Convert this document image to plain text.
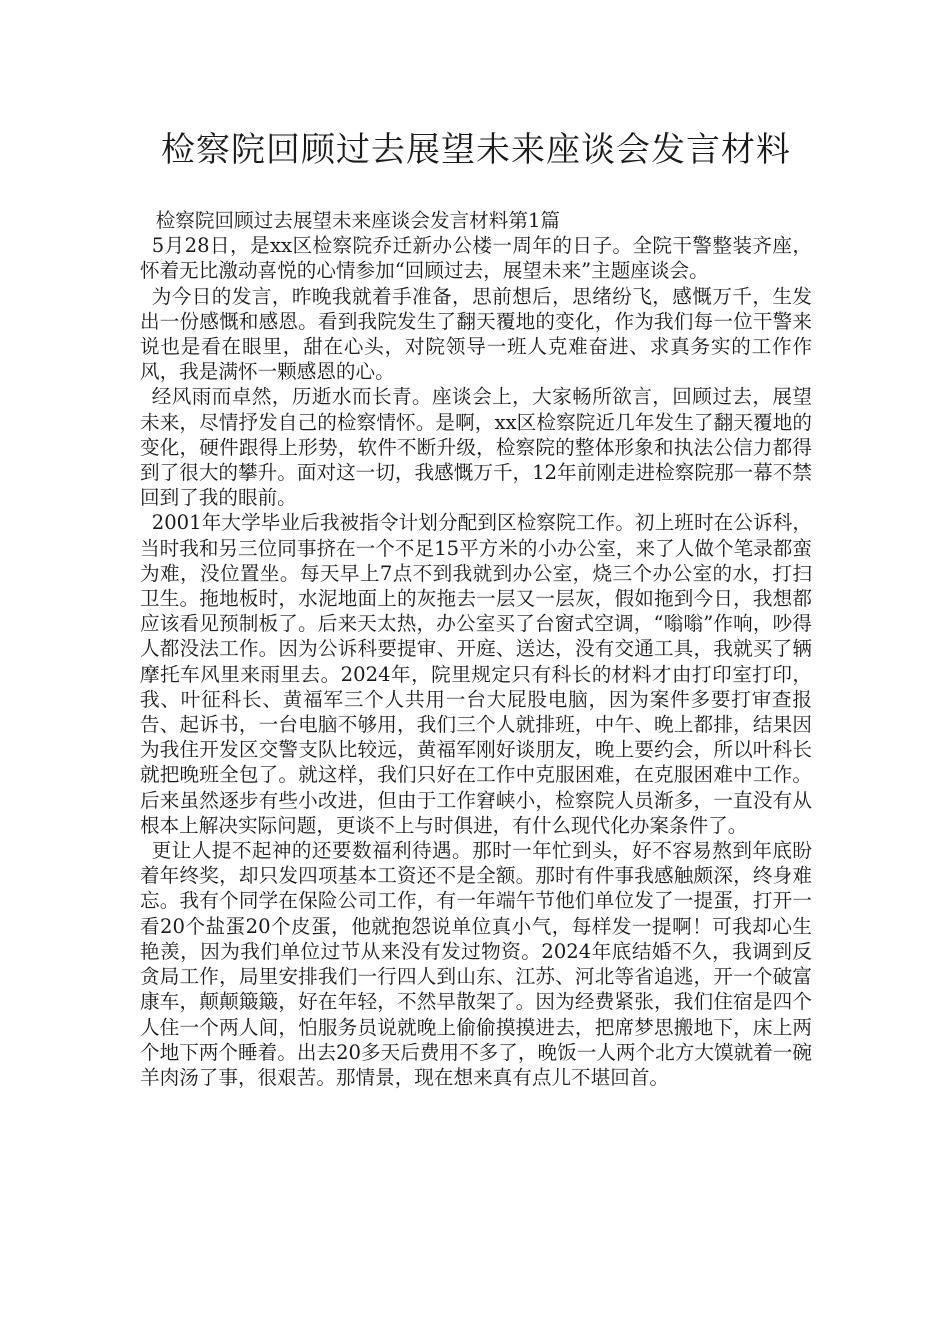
检察院回顾过去展望未来座谈会发言材料

检察院回顾过去展望未来座谈会发言材料第1篇

5月28日，是xx区检察院乔迁新办公楼一周年的日子。全院干警整装齐座，怀着无比激动喜悦的心情参加“回顾过去，展望未来”主题座谈会。

为今日的发言，昨晚我就着手准备，思前想后，思绪纷飞，感慨万千，生发出一份感慨和感恩。看到我院发生了翻天覆地的变化，作为我们每一位干警来说也是看在眼里，甜在心头，对院领导一班人克难奋进、求真务实的工作作风，我是满怀一颗感恩的心。

经风雨而卓然，历逝水而长青。座谈会上，大家畅所欲言，回顾过去，展望未来，尽情抒发自己的检察情怀。是啊，xx区检察院近几年发生了翻天覆地的变化，硬件跟得上形势，软件不断升级，检察院的整体形象和执法公信力都得到了很大的攀升。面对这一切，我感慨万千，12年前刚走进检察院那一幕不禁回到了我的眼前。

2001年大学毕业后我被指令计划分配到区检察院工作。初上班时在公诉科，当时我和另三位同事挤在一个不足15平方米的小办公室，来了人做个笔录都蛮为难，没位置坐。每天早上7点不到我就到办公室，烧三个办公室的水，打扫卫生。拖地板时，水泥地面上的灰拖去一层又一层灰，假如拖到今日，我想都应该看见预制板了。后来天太热，办公室买了台窗式空调，“嗡嗡”作响，吵得人都没法工作。因为公诉科要提审、开庭、送达，没有交通工具，我就买了辆摩托车风里来雨里去。2024年，院里规定只有科长的材料才由打印室打印，我、叶征科长、黄福军三个人共用一台大屁股电脑，因为案件多要打审查报告、起诉书，一台电脑不够用，我们三个人就排班，中午、晚上都排，结果因为我住开发区交警支队比较远，黄福军刚好谈朋友，晚上要约会，所以叶科长就把晚班全包了。就这样，我们只好在工作中克服困难，在克服困难中工作。后来虽然逐步有些小改进，但由于工作窘峡小，检察院人员渐多，一直没有从根本上解决实际问题，更谈不上与时俱进，有什么现代化办案条件了。

更让人提不起神的还要数福利待遇。那时一年忙到头，好不容易熬到年底盼着年终奖，却只发四项基本工资还不是全额。那时有件事我感触颇深，终身难忘。我有个同学在保险公司工作，有一年端午节他们单位发了一提蛋，打开一看20个盐蛋20个皮蛋，他就抱怨说单位真小气，每样发一提啊！可我却心生艳羡，因为我们单位过节从来没有发过物资。2024年底结婚不久，我调到反贪局工作，局里安排我们一行四人到山东、江苏、河北等省追逃，开一个破富康车，颠颠簸簸，好在年轻，不然早散架了。因为经费紧张，我们住宿是四个人住一个两人间，怕服务员说就晚上偷偷摸摸进去，把席梦思搬地下，床上两个地下两个睡着。出去20多天后费用不多了，晚饭一人两个北方大馍就着一碗羊肉汤了事，很艰苦。那情景，现在想来真有点儿不堪回首。
